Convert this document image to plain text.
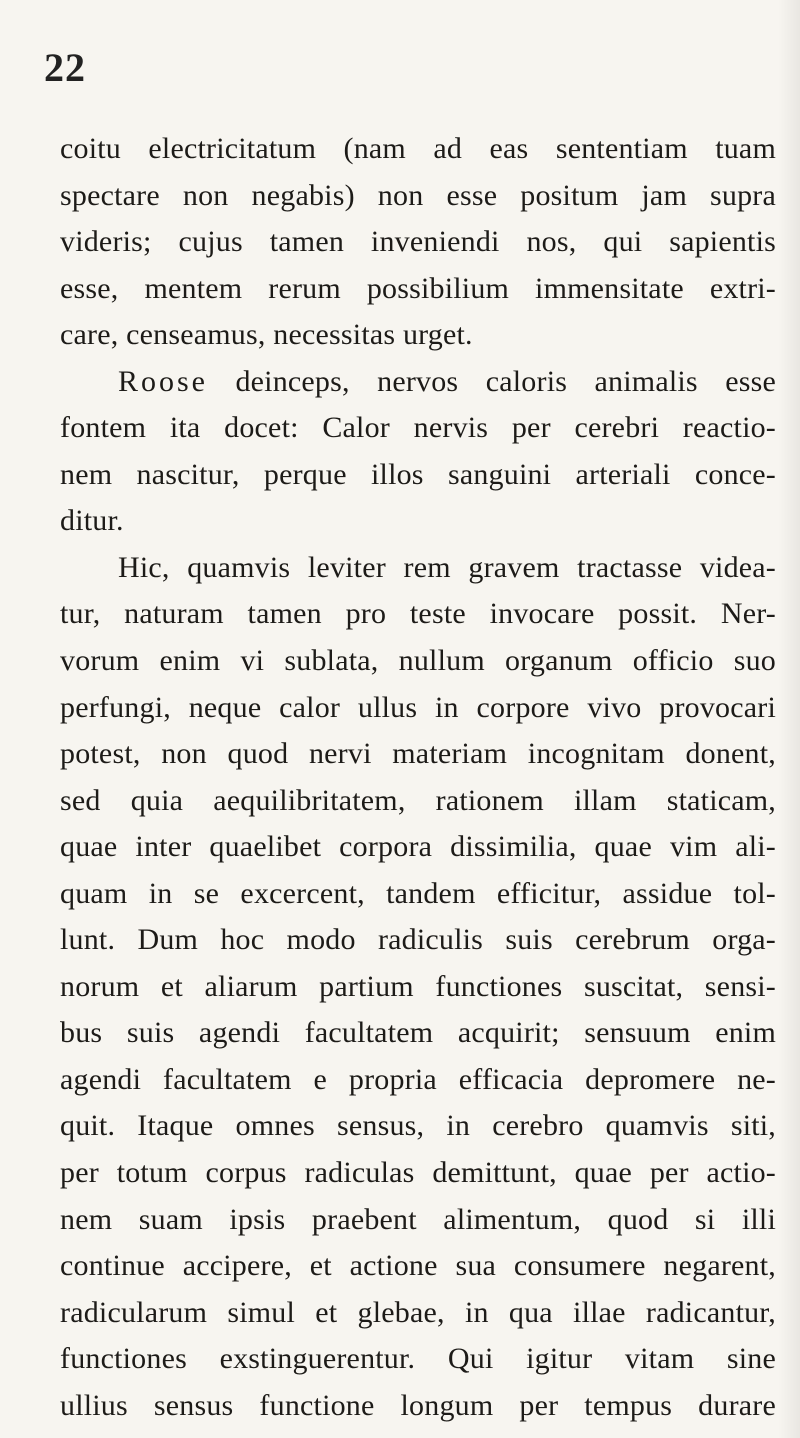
22
coitu electricitatum (nam ad eas sententiam tuam
spectare non negabis) non esse positum jam supra
videris; cujus tamen inveniendi nos, qui sapientis
esse, mentem rerum possibilium immensitate extri-
care, censeamus, necessitas urget.
Roose deinceps, nervos caloris animalis esse
fontem ita docet: Calor nervis per cerebri reactio-
nem nascitur, perque illos sanguini arteriali conce-
ditur.
Hic, quamvis leviter rem gravem tractasse videa-
tur, naturam tamen pro teste invocare possit. Ner-
vorum enim vi sublata, nullum organum officio suo
perfungi, neque calor ullus in corpore vivo provocari
potest, non quod nervi materiam incognitam donent,
sed quia aequilibritatem, rationem illam staticam,
quae inter quaelibet corpora dissimilia, quae vim ali-
quam in se excercent, tandem efficitur, assidue tol-
lunt. Dum hoc modo radiculis suis cerebrum orga-
norum et aliarum partium functiones suscitat, sensi-
bus suis agendi facultatem acquirit; sensuum enim
agendi facultatem e propria efficacia depromere ne-
quit. Itaque omnes sensus, in cerebro quamvis siti,
per totum corpus radiculas demittunt, quae per actio-
nem suam ipsis praebent alimentum, quod si illi
continue accipere, et actione sua consumere negarent,
radicularum simul et glebae, in qua illae radicantur,
functiones exstinguerentur. Qui igitur vitam sine
ullius sensus functione longum per tempus durare
